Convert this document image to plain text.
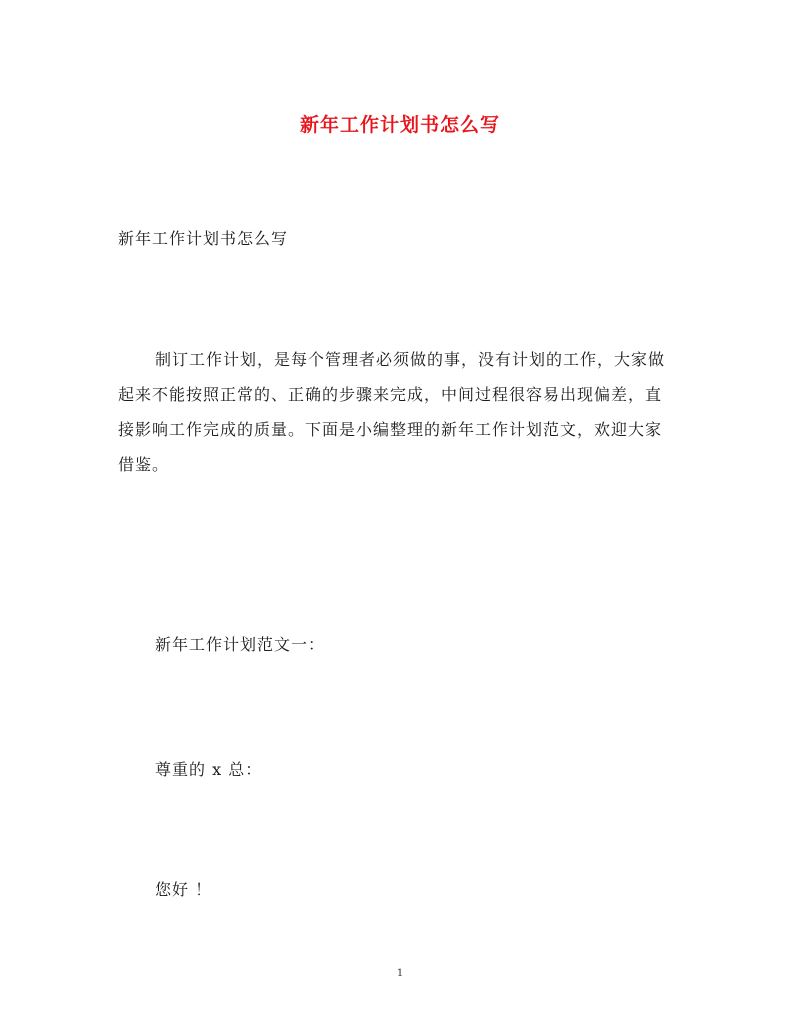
新年工作计划书怎么写
新年工作计划书怎么写

制订工作计划，是每个管理者必须做的事，没有计划的工作，大家做起来不能按照正常的、正确的步骤来完成，中间过程很容易出现偏差，直接影响工作完成的质量。下面是小编整理的新年工作计划范文，欢迎大家借鉴。

新年工作计划范文一：

尊重的 x 总：

您好 ！

1
